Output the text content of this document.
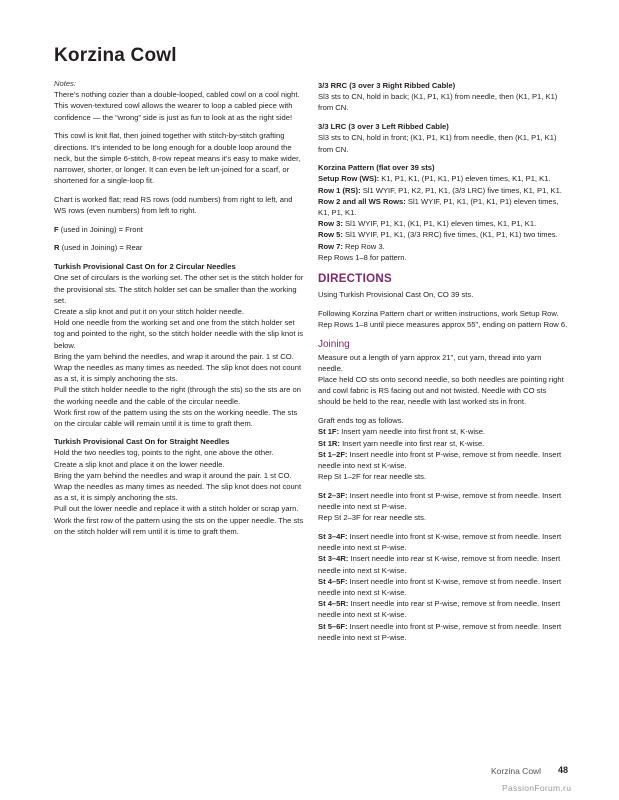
Korzina Cowl

Notes:

There’s nothing cozier than a double-looped, cabled cowl on a cool night. This woven-textured cowl allows the wearer to loop a cabled piece with confidence — the “wrong” side is just as fun to look at as the right side!

This cowl is knit flat, then joined together with stitch-by-stitch grafting directions. It’s intended to be long enough for a double loop around the neck, but the simple 6-stitch, 8-row repeat means it’s easy to make wider, narrower, shorter, or longer. It can even be left un-joined for a scarf, or shortened for a single-loop fit.

Chart is worked flat; read RS rows (odd numbers) from right to left, and WS rows (even numbers) from left to right.

F (used in Joining) = Front

R (used in Joining) = Rear

Turkish Provisional Cast On for 2 Circular Needles

One set of circulars is the working set. The other set is the stitch holder for the provisional sts. The stitch holder set can be smaller than the working set.
Create a slip knot and put it on your stitch holder needle.
Hold one needle from the working set and one from the stitch holder set tog and pointed to the right, so the stitch holder needle with the slip knot is below.
Bring the yarn behind the needles, and wrap it around the pair. 1 st CO.
Wrap the needles as many times as needed. The slip knot does not count as a st, it is simply anchoring the sts.
Pull the stitch holder needle to the right (through the sts) so the sts are on the working needle and the cable of the circular needle.
Work first row of the pattern using the sts on the working needle. The sts on the circular cable will remain until it is time to graft them.

Turkish Provisional Cast On for Straight Needles

Hold the two needles tog, points to the right, one above the other.
Create a slip knot and place it on the lower needle.
Bring the yarn behind the needles and wrap it around the pair. 1 st CO.
Wrap the needles as many times as needed. The slip knot does not count as a st, it is simply anchoring the sts.
Pull out the lower needle and replace it with a stitch holder or scrap yarn.
Work the first row of the pattern using the sts on the upper needle. The sts on the stitch holder will rem until it is time to graft them.

3/3 RRC (3 over 3 Right Ribbed Cable)

Sl3 sts to CN, hold in back; (K1, P1, K1) from needle, then (K1, P1, K1) from CN.

3/3 LRC (3 over 3 Left Ribbed Cable)

Sl3 sts to CN, hold in front; (K1, P1, K1) from needle, then (K1, P1, K1) from CN.

Korzina Pattern (flat over 39 sts)

Setup Row (WS): K1, P1, K1, (P1, K1, P1) eleven times, K1, P1, K1.
Row 1 (RS): Sl1 WYIF, P1, K2, P1, K1, (3/3 LRC) five times, K1, P1, K1.
Row 2 and all WS Rows: Sl1 WYIF, P1, K1, (P1, K1, P1) eleven times, K1, P1, K1.
Row 3: Sl1 WYIF, P1, K1, (K1, P1, K1) eleven times, K1, P1, K1.
Row 5: Sl1 WYIF, P1, K1, (3/3 RRC) five times, (K1, P1, K1) two times.
Row 7: Rep Row 3.
Rep Rows 1–8 for pattern.

DIRECTIONS

Using Turkish Provisional Cast On, CO 39 sts.

Following Korzina Pattern chart or written instructions, work Setup Row.

Rep Rows 1–8 until piece measures approx 55", ending on pattern Row 6.

Joining

Measure out a length of yarn approx 21", cut yarn, thread into yarn needle.
Place held CO sts onto second needle, so both needles are pointing right and cowl fabric is RS facing out and not twisted. Needle with CO sts should be held to the rear, needle with last worked sts in front.

Graft ends tog as follows.

St 1F: Insert yarn needle into first front st, K-wise.
St 1R: Insert yarn needle into first rear st, K-wise.
St 1–2F: Insert needle into front st P-wise, remove st from needle. Insert needle into next st K-wise.
Rep St 1–2F for rear needle sts.

St 2–3F: Insert needle into front st P-wise, remove st from needle. Insert needle into next st P-wise.
Rep St 2–3F for rear needle sts.

St 3–4F: Insert needle into front st K-wise, remove st from needle. Insert needle into next st P-wise.
St 3–4R: Insert needle into rear st K-wise, remove st from needle. Insert needle into next st K-wise.
St 4–5F: Insert needle into front st K-wise, remove st from needle. Insert needle into next st K-wise.
St 4–5R: Insert needle into rear st P-wise, remove st from needle. Insert needle into next st K-wise.
St 5–6F: Insert needle into front st P-wise, remove st from needle. Insert needle into next st P-wise.

Korzina Cowl 48
PassionForum.ru
